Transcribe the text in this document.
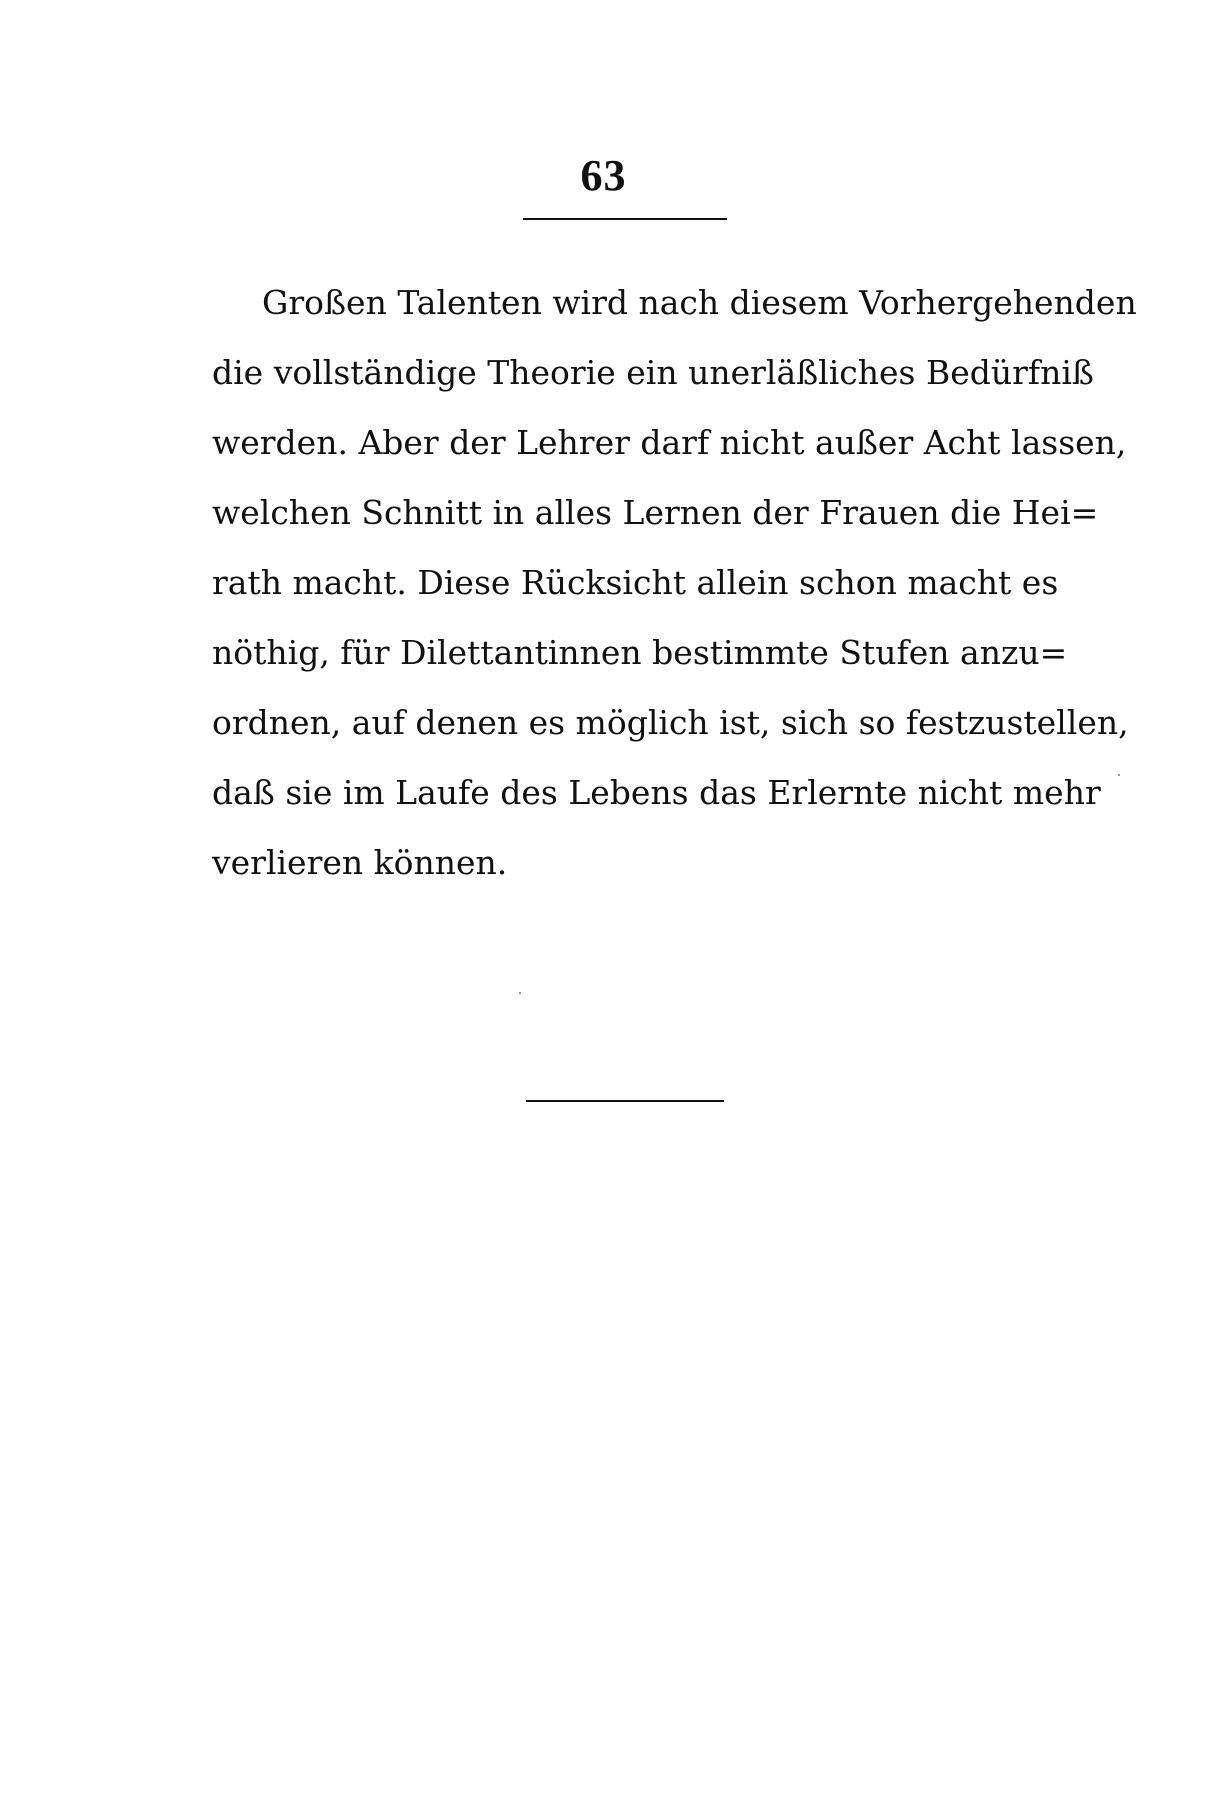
63
Großen Talenten wird nach diesem Vorhergehenden
die vollständige Theorie ein unerläßliches Bedürfniß
werden. Aber der Lehrer darf nicht außer Acht lassen,
welchen Schnitt in alles Lernen der Frauen die Hei=
rath macht. Diese Rücksicht allein schon macht es
nöthig, für Dilettantinnen bestimmte Stufen anzu=
ordnen, auf denen es möglich ist, sich so festzustellen,
daß sie im Laufe des Lebens das Erlernte nicht mehr
verlieren können.
